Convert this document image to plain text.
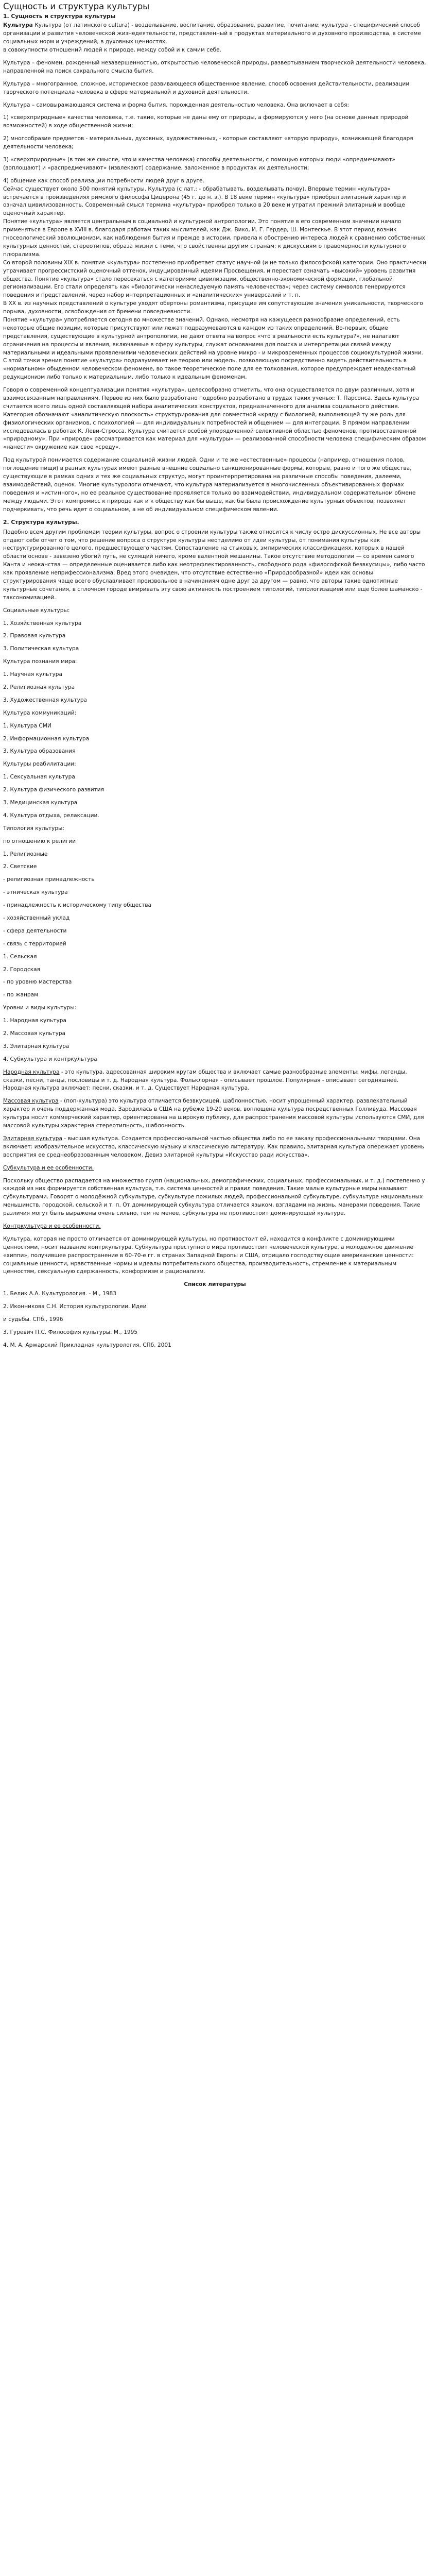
Сущность и структура культуры
1. Сущность и структура культуры

Культура Культура (от латинского cultura) - возделывание, воспитание, образование, развитие, почитание; культура - специфический способ организации и развития человеческой жизнедеятельности, представленный в продуктах материального и духовного производства, в системе социальных норм и учреждений, в духовных ценностях,

в совокупности отношений людей к природе, между собой и к самим себе.

Культура – феномен, рожденный незавершенностью, открытостью человеческой природы, развертыванием творческой деятельности человека, направленной на поиск сакрального смысла бытия.

Культура – многогранное, сложное, историческое развивающееся общественное явление, способ освоения действительности, реализации творческого потенциала человека в сфере материальной и духовной деятельности.

Культура – самовыражающаяся система и форма бытия, порожденная деятельностью человека. Она включает в себя:

1) «сверхприродные» качества человека, т.е. такие, которые не даны ему от природы, а формируются у него (на основе данных природой возможностей) в ходе общественной жизни;

2) многообразие предметов - материальных, духовных, художественных, - которые составляют «вторую природу», возникающей благодаря деятельности человека;

3) «сверхприродные» (в том же смысле, что и качества человека) способы деятельности, с помощью которых люди «опредмечивают» (воплощают) и «распредмечивают» (извлекают) содержание, заложенное в продуктах их деятельности;

4) общение как способ реализации потребности людей друг в друге.

Сейчас существует около 500 понятий культуры. Культура (с лат.: - обрабатывать, возделывать почву). Впервые термин «культура» встречается в произведениях римского философа Цицерона (45 г. до н. э.). В 18 веке термин «культура» приобрел элитарный характер и означал цивилизованность. Современный смысл термина «культура» приобрел только в 20 веке и утратил прежний элитарный и вообще оценочный характер.

Понятие «культура» является центральным в социальной и культурной антропологии. Это понятие в его современном значении начало применяться в Европе в XVIII в. благодаря работам таких мыслителей, как Дж. Вико, И. Г. Гердер, Ш. Монтескье. В этот период возник гносеологический эволюционизм, как наблюдения бытия и прежде в истории, привела к обострению интереса людей к сравнению собственных культурных ценностей, стереотипов, образа жизни с теми, что свойственны другим странам; к дискуссиям о правомерности культурного плюрализма.

Со второй половины XIX в. понятие «культура» постепенно приобретает статус научной (и не только философской) категории. Оно практически утрачивает прогрессистский оценочный оттенок, индуцированный идеями Просвещения, и перестает означать «высокий» уровень развития общества. Понятие «культура» стало пересекаться с категориями цивилизации, общественно-экономической формации, глобальной регионализации. Его стали определять как «биологически ненаследуемую память человечества»; через систему символов генерируются поведения и представлений, через набор интерпретационных и «аналитических» универсалий и т. п.

В XX в. из научных представлений о культуре уходят обертоны романтизма, присущие им сопутствующие значения уникальности, творческого порыва, духовности, освобождения от бремени повседневности.

Понятие «культура» употребляется сегодня во множестве значений. Однако, несмотря на кажущееся разнообразие определений, есть некоторые общие позиции, которые присутствуют или лежат подразумеваются в каждом из таких определений. Во-первых, общие представления, существующие в культурной антропологии, не дают ответа на вопрос «что в реальности есть культура?», не налагают ограничения на процессы и явления, включаемые в сферу культуры, служат основанием для поиска и интерпретации связей между материальными и идеальными проявлениями человеческих действий на уровне микро - и микровременных процессов социокультурной жизни. С этой точки зрения понятие «культура» подразумевает не теорию или модель, позволяющую посредственно видеть действительность в «нормальном» обыденном человеческом феномене, во такое теоретическое поле для ее толкования, которое предупреждает неадекватный редукционизм либо только к материальным, либо только к идеальным феноменам.

Говоря о современной концептуализации понятия «культура», целесообразно отметить, что она осуществляется по двум различным, хотя и взаимосвязанным направлениям. Первое из них было разработано подробно разработано в трудах таких ученых: Т. Парсонса. Здесь культура считается всего лишь одной составляющей набора аналитических конструктов, предназначенного для анализа социального действия. Категория обозначают «аналитическую плоскость» структурирования для совместной «кряду с биологией, выполняющей ту же роль для физиологических организмов, с психологией — для индивидуальных потребностей и общением — для интеграции. В прямом направлении исследовалась в работах К. Леви-Стросса. Культура считается особой упорядоченной селективной областью феноменов, противоставленной «природному». При «природе» рассматривается как материал для «культуры» — реализованной способности человека специфическим образом «нанести» окружение как свое «среду».

Под культурой понимается содержание социальной жизни людей. Одни и те же «естественные» процессы (например, отношения полов, поглощение пищи) в разных культурах имеют разные внешние социально санкционированные формы, которые, равно и того же общества, существующие в рамках одних и тех же социальных структур, могут проинтерпретирована на различные способы поведения, далееми, взаимодействий, оценок. Многие культурологи отмечают, что культура материализуется в многочисленных объективированных формах поведения и «истинного», но ее реальное существование проявляется только во взаимодействии, индивидуальном содержательном обмене между людьми. Этот компромисс к природе как и к обществу как бы выше, как бы была происхождение культурных объектов, позволяет подчеркивать, что речь идет о социальном, а не об индивидуальном специфическом явлении.

2. Структура культуры.

Подобно всем другим проблемам теории культуры, вопрос о строении культуры также относится к числу остро дискуссионных. Не все авторы отдают себе отчет о том, что решение вопроса о структуре культуры неотделимо от идеи культуры, от понимания культуры как неструктурированного целого, предшествующего частям. Сопоставление на стыковых, эмпирических классификациях, которых в нашей области основе - завезено убогий путь, не сулящий ничего, кроме валентной мешанины. Такое отсутствие методологии — со времен самого Канта и неоканства — определенные оценивается либо как неотрефлектированность, свободного рода «философской безвкусицы», либо часто как проявление неприфессионализма. Вред этого очевиден, что отсутствие естественно «Природообразной» идеи как основы структурирования чаще всего обуславливает произвольное в начинаниям одне друг за другом — равно, что авторы такие однотипные культурные сочетания, в сплочном городе вмиривать эту свою активность построением типологий, типологизацией или еще более шаманско - таксономизацией.

Социальные культуры:

1. Хозяйственная культура

2. Правовая культура

3. Политическая культура

Культура познания мира:

1. Научная культура

2. Религиозная культура

3. Художественная культура

Культура коммуникаций:

1. Культура СМИ

2. Информационная культура

3. Культура образования

Культуры реабилитации:

1. Сексуальная культура

2. Культура физического развития

3. Медицинская культура

4. Культура отдыха, релаксации.

Типология культуры:

по отношению к религии

1. Религиозные

2. Светские

- религиозная принадлежность

- этническая культура

- принадлежность к историческому типу общества

- хозяйственный уклад

- сфера деятельности

- связь с территорией

1. Сельская

2. Городская

- по уровню мастерства

- по жанрам

Уровни и виды культуры:

1. Народная культура

2. Массовая культура

3. Элитарная культура

4. Субкультура и контркультура

Народная культура - это культура, адресованная широким кругам общества и включает самые разнообразные элементы: мифы, легенды, сказки, песни, танцы, пословицы и т. д. Народная культура. Фольклорная - описывает прошлое. Популярная - описывает сегодняшнее. Народная культура включает: песни, сказки, и т. д. Существует Народная культура.

Массовая культура - (поп-культура) это культура отличается безвкусицей, шаблонностью, носит упрощенный характер, развлекательный характер и очень поддержанная мода. Зародилась в США на рубеже 19-20 веков, воплощена культура посредственных Голливуда. Массовая культура носит коммерческий характер, ориентирована на широкую публику, для распространения массовой культуры используются СМИ, для массовой культуры характерна стереотипность, шаблонность.

Элитарная культура - высшая культура. Создается профессиональной частью общества либо по ее заказу профессиональными творцами. Она включает: изобразительное искусство, классическую музыку и классическую литературу. Как правило, элитарная культура опережает уровень восприятия ее среднеобразованным человеком. Девиз элитарной культуры «Искусство ради искусства».

Субкультура и ее особенности.

Поскольку общество распадается на множество групп (национальных, демографических, социальных, профессиональных, и т. д.) постепенно у каждой из них формируется собственная культура, т.е. система ценностей и правил поведения. Такие малые культурные миры называют субкультурами. Говорят о молодёжной субкультуре, субкультуре пожилых людей, профессиональной субкультуре, субкультуре национальных меньшинств, городской, сельской и т. п. От доминирующей субкультура отличается языком, взглядами на жизнь, манерами поведения. Такие различия могут быть выражены очень сильно, тем не менее, субкультура не противостоит доминирующей культуре.

Контркультура и ее особенности.

Культура, которая не просто отличается от доминирующей культуры, но противостоит ей, находится в конфликте с доминирующими ценностями, носит название контркультура. Субкультура преступного мира противостоит человеческой культуре, а молодежное движение «хиппи», получившее распространение в 60-70-е гг. в странах Западной Европы и США, отрицало господствующие американские ценности: социальные ценности, нравственные нормы и идеалы потребительского общества, производительность, стремление к материальным ценностям, сексуальную сдержанность, конформизм и рационализм.

Список литературы

1. Белик А.А. Культурология. - М., 1983

2. Иконникова С.Н. История культурологии. Идеи

и судьбы. СПб., 1996

3. Гуревич П.С. Философия культуры. М., 1995

4. М. А. Аржарский Прикладная культурология. СПб, 2001
